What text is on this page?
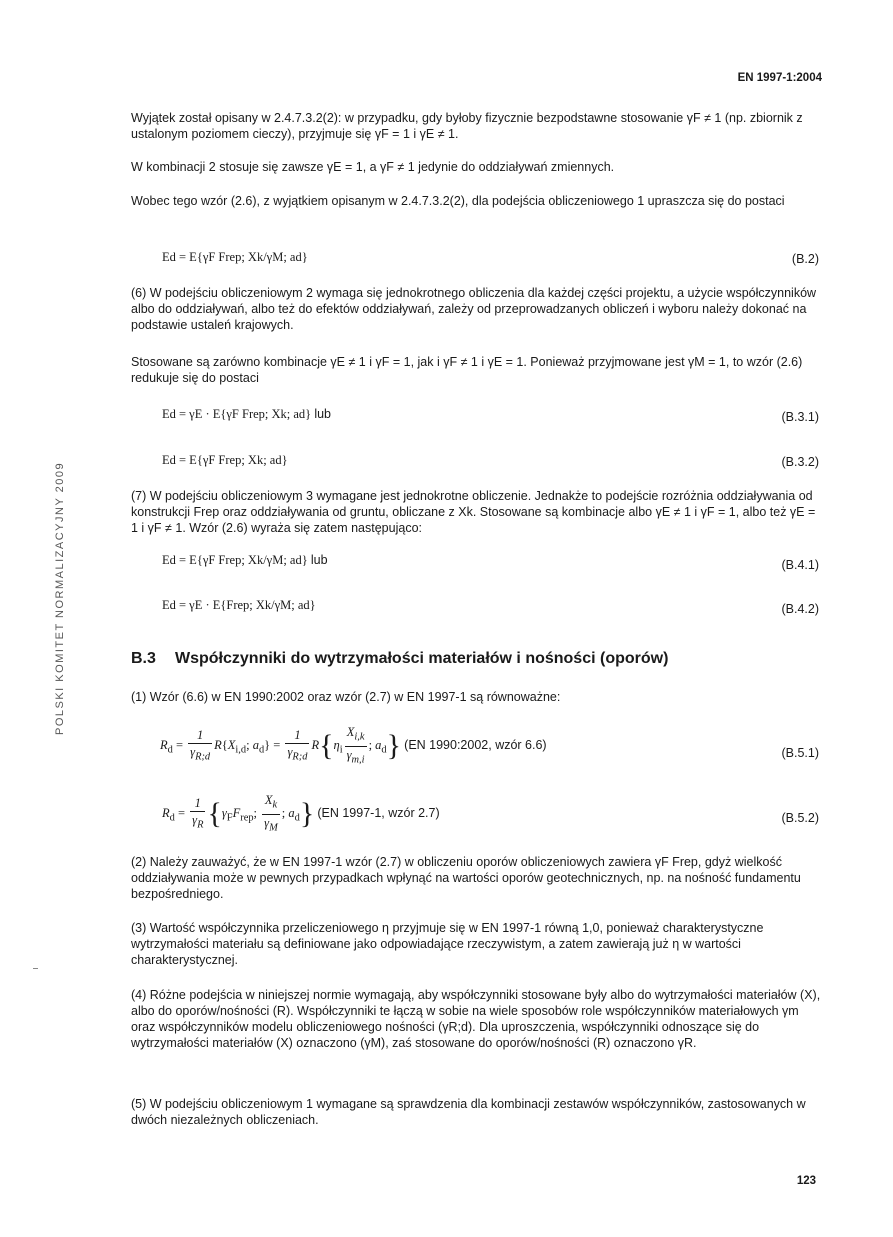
EN 1997-1:2004
POLSKI KOMITET NORMALIZACYJNY 2009
Wyjątek został opisany w 2.4.7.3.2(2): w przypadku, gdy byłoby fizycznie bezpodstawne stosowanie γF ≠ 1 (np. zbiornik z ustalonym poziomem cieczy), przyjmuje się γF = 1 i γE ≠ 1.
W kombinacji 2 stosuje się zawsze γE = 1, a γF ≠ 1 jedynie do oddziaływań zmiennych.
Wobec tego wzór (2.6), z wyjątkiem opisanym w 2.4.7.3.2(2), dla podejścia obliczeniowego 1 upraszcza się do postaci
Ed = E{γF Frep; Xk/γM; ad}	(B.2)
(6) W podejściu obliczeniowym 2 wymaga się jednokrotnego obliczenia dla każdej części projektu, a użycie współczynników albo do oddziaływań, albo też do efektów oddziaływań, zależy od przeprowadzanych obliczeń i wyboru należy dokonać na podstawie ustaleń krajowych.
Stosowane są zarówno kombinacje γE ≠ 1 i γF = 1, jak i γF ≠ 1 i γE = 1. Ponieważ przyjmowane jest γM = 1, to wzór (2.6) redukuje się do postaci
Ed = γE · E{γF Frep; Xk; ad} lub	(B.3.1)
Ed = E{γF Frep; Xk; ad}	(B.3.2)
(7) W podejściu obliczeniowym 3 wymagane jest jednokrotne obliczenie. Jednakże to podejście rozróżnia oddziaływania od konstrukcji Frep oraz oddziaływania od gruntu, obliczane z Xk. Stosowane są kombinacje albo γE ≠ 1 i γF = 1, albo też γE = 1 i γF ≠ 1. Wzór (2.6) wyraża się zatem następująco:
Ed = E{γF Frep; Xk/γM; ad} lub	(B.4.1)
Ed = γE · E{Frep; Xk/γM; ad}	(B.4.2)
B.3 Współczynniki do wytrzymałości materiałów i nośności (oporów)
(1) Wzór (6.6) w EN 1990:2002 oraz wzór (2.7) w EN 1997-1 są równoważne:
$R_d = \frac{1}{\gamma_{R;d}} R\{X_{i,d}$; $a_d\} = \frac{1}{\gamma_{R;d}} R\{\eta_i \frac{X_{i,k}}{\gamma_{m,i}}$ ; $a_d$} (EN 1990:2002, wzór 6.6)
(B.5.1)
$R_d = \frac{1}{\gamma_R} \{\gamma_FF_{rep}$; $\frac{X_k}{\gamma_M}$ ; $a_d$} (EN 1997-1, wzór 2.7)	(B.5.2)
(2) Należy zauważyć, że w EN 1997-1 wzór (2.7) w obliczeniu oporów obliczeniowych zawiera γF Frep, gdyż wielkość oddziaływania może w pewnych przypadkach wpłynąć na wartości oporów geotechnicznych, np. na nośność fundamentu bezpośredniego.
(3) Wartość współczynnika przeliczeniowego η przyjmuje się w EN 1997-1 równą 1,0, ponieważ charakterystyczne wytrzymałości materiału są definiowane jako odpowiadające rzeczywistym, a zatem zawierają już η w wartości charakterystycznej.
(4) Różne podejścia w niniejszej normie wymagają, aby współczynniki stosowane były albo do wytrzymałości materiałów (X), albo do oporów/nośności (R). Współczynniki te łączą w sobie na wiele sposobów role współczynników materiałowych γm oraz współczynników modelu obliczeniowego nośności (γR;d). Dla uproszczenia, współczynniki odnoszące się do wytrzymałości materiałów (X) oznaczono (γM), zaś stosowane do oporów/nośności (R) oznaczono γR.
(5) W podejściu obliczeniowym 1 wymagane są sprawdzenia dla kombinacji zestawów współczynników, zastosowanych w dwóch niezależnych obliczeniach.
123
